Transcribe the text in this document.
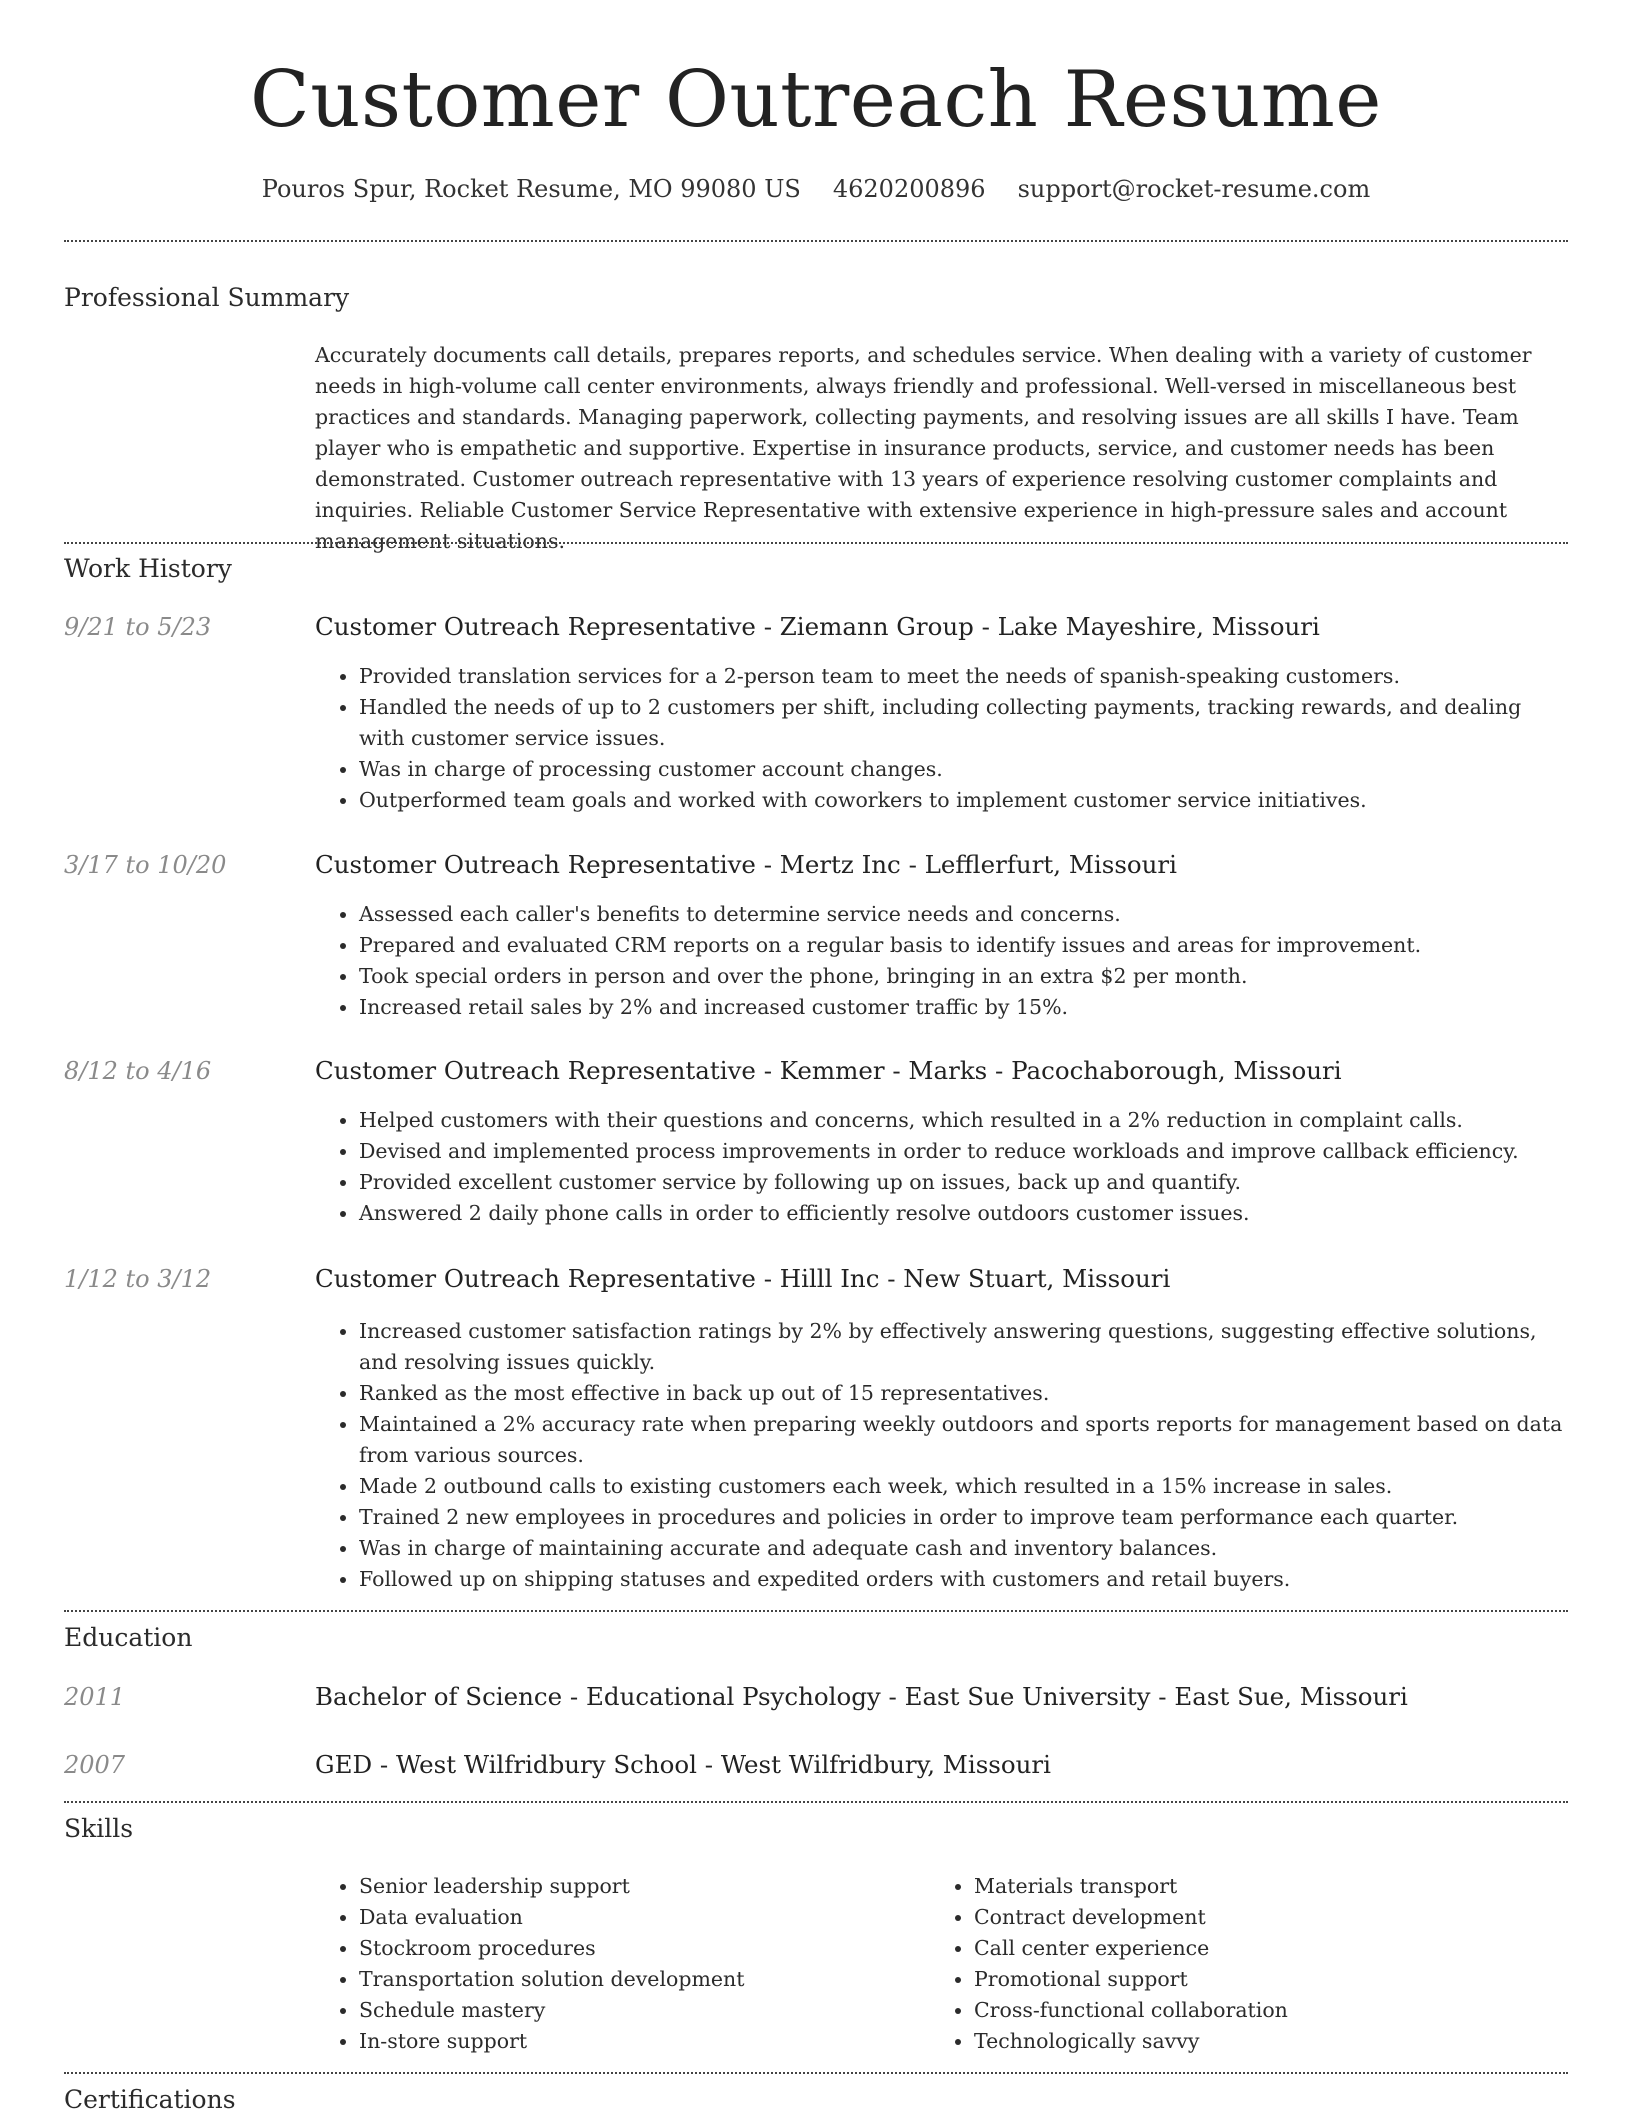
Customer Outreach Resume
Pouros Spur, Rocket Resume, MO 99080 US 4620200896 support@rocket-resume.com
Professional Summary
Accurately documents call details, prepares reports, and schedules service. When dealing with a variety of customer needs in high-volume call center environments, always friendly and professional. Well-versed in miscellaneous best practices and standards. Managing paperwork, collecting payments, and resolving issues are all skills I have. Team player who is empathetic and supportive. Expertise in insurance products, service, and customer needs has been demonstrated. Customer outreach representative with 13 years of experience resolving customer complaints and inquiries. Reliable Customer Service Representative with extensive experience in high-pressure sales and account management situations.
Work History
9/21 to 5/23	Customer Outreach Representative - Ziemann Group - Lake Mayeshire, Missouri
• Provided translation services for a 2-person team to meet the needs of spanish-speaking customers.
• Handled the needs of up to 2 customers per shift, including collecting payments, tracking rewards, and dealing with customer service issues.
• Was in charge of processing customer account changes.
• Outperformed team goals and worked with coworkers to implement customer service initiatives.
3/17 to 10/20	Customer Outreach Representative - Mertz Inc - Lefflerfurt, Missouri
• Assessed each caller's benefits to determine service needs and concerns.
• Prepared and evaluated CRM reports on a regular basis to identify issues and areas for improvement.
• Took special orders in person and over the phone, bringing in an extra $2 per month.
• Increased retail sales by 2% and increased customer traffic by 15%.
8/12 to 4/16	Customer Outreach Representative - Kemmer - Marks - Pacochaborough, Missouri
• Helped customers with their questions and concerns, which resulted in a 2% reduction in complaint calls.
• Devised and implemented process improvements in order to reduce workloads and improve callback efficiency.
• Provided excellent customer service by following up on issues, back up and quantify.
• Answered 2 daily phone calls in order to efficiently resolve outdoors customer issues.
1/12 to 3/12	Customer Outreach Representative - Hilll Inc - New Stuart, Missouri
• Increased customer satisfaction ratings by 2% by effectively answering questions, suggesting effective solutions, and resolving issues quickly.
• Ranked as the most effective in back up out of 15 representatives.
• Maintained a 2% accuracy rate when preparing weekly outdoors and sports reports for management based on data from various sources.
• Made 2 outbound calls to existing customers each week, which resulted in a 15% increase in sales.
• Trained 2 new employees in procedures and policies in order to improve team performance each quarter.
• Was in charge of maintaining accurate and adequate cash and inventory balances.
• Followed up on shipping statuses and expedited orders with customers and retail buyers.
Education
2011	Bachelor of Science - Educational Psychology - East Sue University - East Sue, Missouri
2007	GED - West Wilfridbury School - West Wilfridbury, Missouri
Skills
• Senior leadership support
• Data evaluation
• Stockroom procedures
• Transportation solution development
• Schedule mastery
• In-store support
• Materials transport
• Contract development
• Call center experience
• Promotional support
• Cross-functional collaboration
• Technologically savvy
Certifications
